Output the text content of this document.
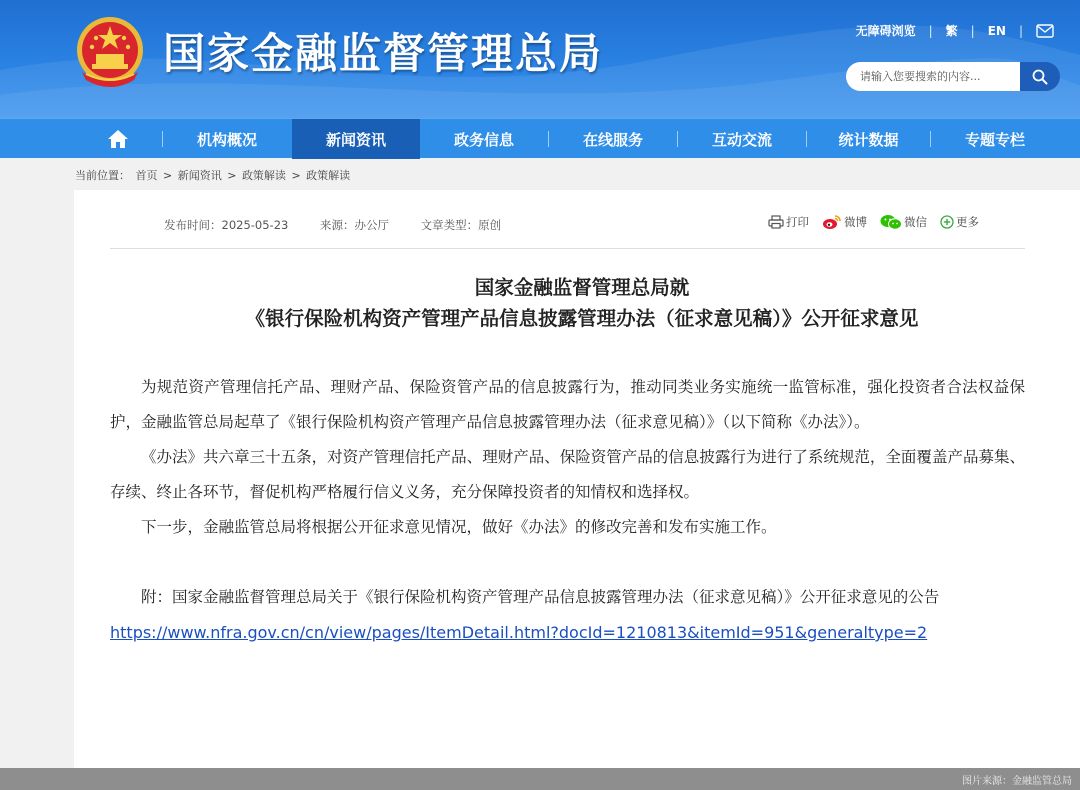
国家金融监督管理总局	无障碍浏览 | 繁 | EN |
请输入您要搜索的内容...
机构概况	新闻资讯	政务信息	在线服务	互动交流	统计数据	专题专栏
当前位置： 首页 > 新闻资讯 > 政策解读 > 政策解读
发布时间：2025-05-23	来源：办公厅	文章类型：原创	打印	微博	微信	更多
国家金融监督管理总局就
《银行保险机构资产管理产品信息披露管理办法（征求意见稿）》公开征求意见

为规范资产管理信托产品、理财产品、保险资管产品的信息披露行为，推动同类业务实施统一监管标准，强化投资者合法权益保护，金融监管总局起草了《银行保险机构资产管理产品信息披露管理办法（征求意见稿）》（以下简称《办法》）。

《办法》共六章三十五条，对资产管理信托产品、理财产品、保险资管产品的信息披露行为进行了系统规范，全面覆盖产品募集、存续、终止各环节，督促机构严格履行信义义务，充分保障投资者的知情权和选择权。

下一步，金融监管总局将根据公开征求意见情况，做好《办法》的修改完善和发布实施工作。

附：国家金融监督管理总局关于《银行保险机构资产管理产品信息披露管理办法（征求意见稿）》公开征求意见的公告

https://www.nfra.gov.cn/cn/view/pages/ItemDetail.html?docId=1210813&itemId=951&generaltype=2
图片来源：金融监管总局
